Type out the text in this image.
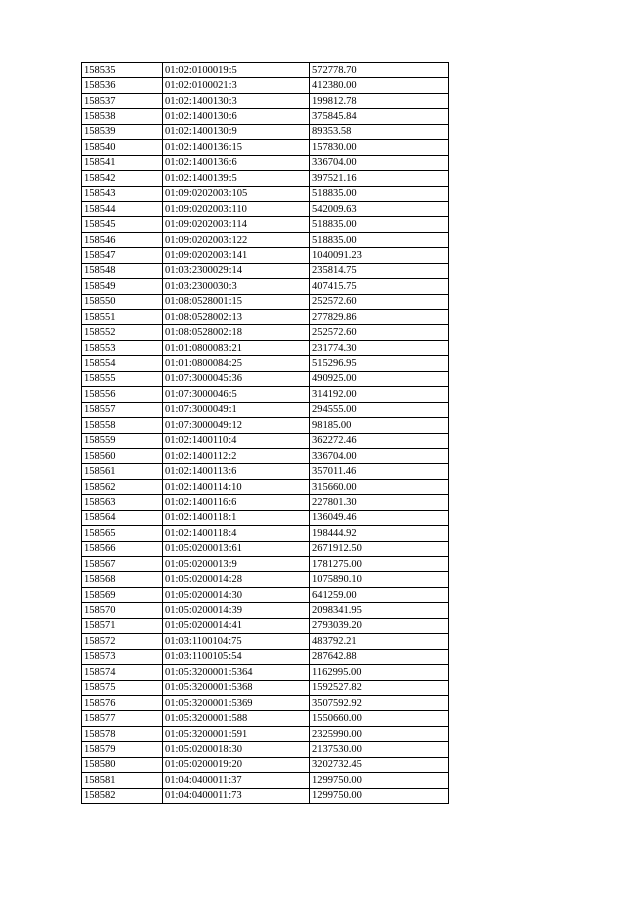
158535	01:02:0100019:5	572778.70
158536	01:02:0100021:3	412380.00
158537	01:02:1400130:3	199812.78
158538	01:02:1400130:6	375845.84
158539	01:02:1400130:9	89353.58
158540	01:02:1400136:15	157830.00
158541	01:02:1400136:6	336704.00
158542	01:02:1400139:5	397521.16
158543	01:09:0202003:105	518835.00
158544	01:09:0202003:110	542009.63
158545	01:09:0202003:114	518835.00
158546	01:09:0202003:122	518835.00
158547	01:09:0202003:141	1040091.23
158548	01:03:2300029:14	235814.75
158549	01:03:2300030:3	407415.75
158550	01:08:0528001:15	252572.60
158551	01:08:0528002:13	277829.86
158552	01:08:0528002:18	252572.60
158553	01:01:0800083:21	231774.30
158554	01:01:0800084:25	515296.95
158555	01:07:3000045:36	490925.00
158556	01:07:3000046:5	314192.00
158557	01:07:3000049:1	294555.00
158558	01:07:3000049:12	98185.00
158559	01:02:1400110:4	362272.46
158560	01:02:1400112:2	336704.00
158561	01:02:1400113:6	357011.46
158562	01:02:1400114:10	315660.00
158563	01:02:1400116:6	227801.30
158564	01:02:1400118:1	136049.46
158565	01:02:1400118:4	198444.92
158566	01:05:0200013:61	2671912.50
158567	01:05:0200013:9	1781275.00
158568	01:05:0200014:28	1075890.10
158569	01:05:0200014:30	641259.00
158570	01:05:0200014:39	2098341.95
158571	01:05:0200014:41	2793039.20
158572	01:03:1100104:75	483792.21
158573	01:03:1100105:54	287642.88
158574	01:05:3200001:5364	1162995.00
158575	01:05:3200001:5368	1592527.82
158576	01:05:3200001:5369	3507592.92
158577	01:05:3200001:588	1550660.00
158578	01:05:3200001:591	2325990.00
158579	01:05:0200018:30	2137530.00
158580	01:05:0200019:20	3202732.45
158581	01:04:0400011:37	1299750.00
158582	01:04:0400011:73	1299750.00
